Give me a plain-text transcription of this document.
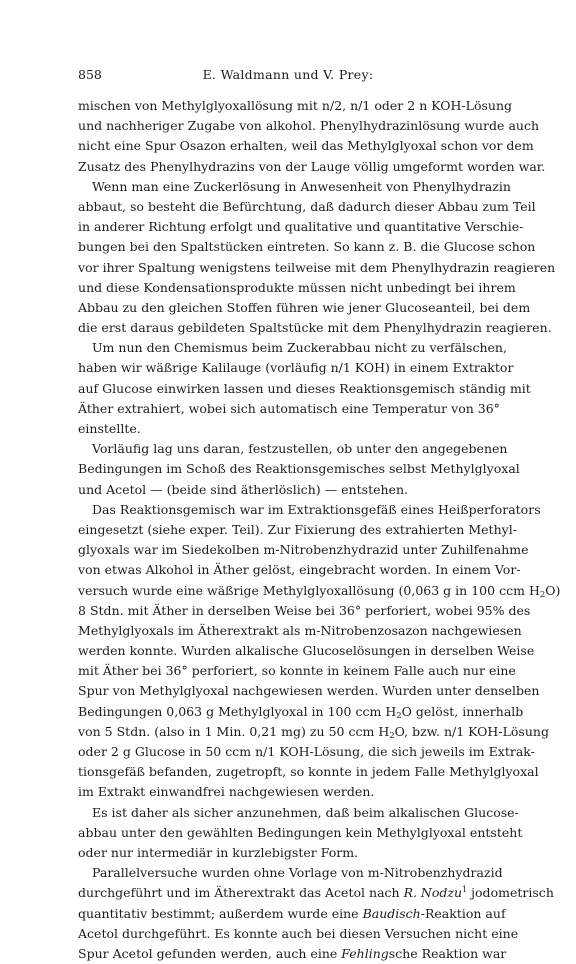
858	E. Waldmann und V. Prey:
mischen von Methylglyoxallösung mit n/2, n/1 oder 2 n KOH-Lösung
und nachheriger Zugabe von alkohol. Phenylhydrazinlösung wurde auch
nicht eine Spur Osazon erhalten, weil das Methylglyoxal schon vor dem
Zusatz des Phenylhydrazins von der Lauge völlig umgeformt worden war.
Wenn man eine Zuckerlösung in Anwesenheit von Phenylhydrazin
abbaut, so besteht die Befürchtung, daß dadurch dieser Abbau zum Teil
in anderer Richtung erfolgt und qualitative und quantitative Verschie-
bungen bei den Spaltstücken eintreten. So kann z. B. die Glucose schon
vor ihrer Spaltung wenigstens teilweise mit dem Phenylhydrazin reagieren
und diese Kondensationsprodukte müssen nicht unbedingt bei ihrem
Abbau zu den gleichen Stofen führen wie jener Glucoseanteil, bei dem
die erst daraus gebildeten Spaltstücke mit dem Phenylhydrazin reagieren.
Um nun den Chemismus beim Zuckerabbau nicht zu verfälschen,
haben wir wäßrige Kalilauge (vorläufg n/1 KOH) in einem Extraktor
auf Glucose einwirken lassen und dieses Reaktionsgemisch ständig mit
Äther extrahiert, wobei sich automatisch eine Temperatur von 36°
einstellte.
Vorläufg lag uns daran, festzustellen, ob unter den angegebenen
Bedingungen im Schoß des Reaktionsgemisches selbst Methylglyoxal
und Acetol — (beide sind ätherlöslich) — entstehen.
Das Reaktionsgemisch war im Extraktionsgefäß eines Heißperforators
eingesetzt (siehe exper. Teil). Zur Fixierung des extrahierten Methyl-
glyoxals war im Siedekolben m-Nitrobenzhydrazid unter Zuhilfenahme
von etwas Alkohol in Äther gelöst, eingebracht worden. In einem Vor-
versuch wurde eine wäßrige Methylglyoxallösung (0,063 g in 100 ccm $H_2O$)
8 Stdn. mit Äther in derselben Weise bei 36° perforiert, wobei 95% des
Methylglyoxals im Ätherextrakt als m-Nitrobenzosazon nachgewiesen
werden konnte. Wurden alkalische Glucoselösungen in derselben Weise
mit Äther bei 36° perforiert, so konnte in keinem Falle auch nur eine
Spur von Methylglyoxal nachgewiesen werden. Wurden unter denselben
Bedingungen 0,063 g Methylglyoxal in 100 ccm $H_2O$ gelöst, innerhalb
von 5 Stdn. (also in 1 Min. 0,21 mg) zu 50 ccm $H_2O$, bzw. n/1 KOH-Lösung
oder 2 g Glucose in 50 ccm n/1 KOH-Lösung, die sich jeweils im Extrak-
tionsgefäß befanden, zugetropft, so konnte in jedem Falle Methylglyoxal
im Extrakt einwandfrei nachgewiesen werden.
Es ist daher als sicher anzunehmen, daß beim alkalischen Glucose-
abbau unter den gewählten Bedingungen kein Methylglyoxal entsteht
oder nur intermediär in kurzlebigster Form.
Parallelversuche wurden ohne Vorlage von m-Nitrobenzhydrazid
durchgeführt und im Ätherextrakt das Acetol nach R. Nodzu$^1$ jodometrisch
quantitativ bestimmt; außerdem wurde eine Baudisch-Reaktion auf
Acetol durchgeführt. Es konnte auch bei diesen Versuchen nicht eine
Spur Acetol gefunden werden, auch eine Fehlingsche Reaktion war
